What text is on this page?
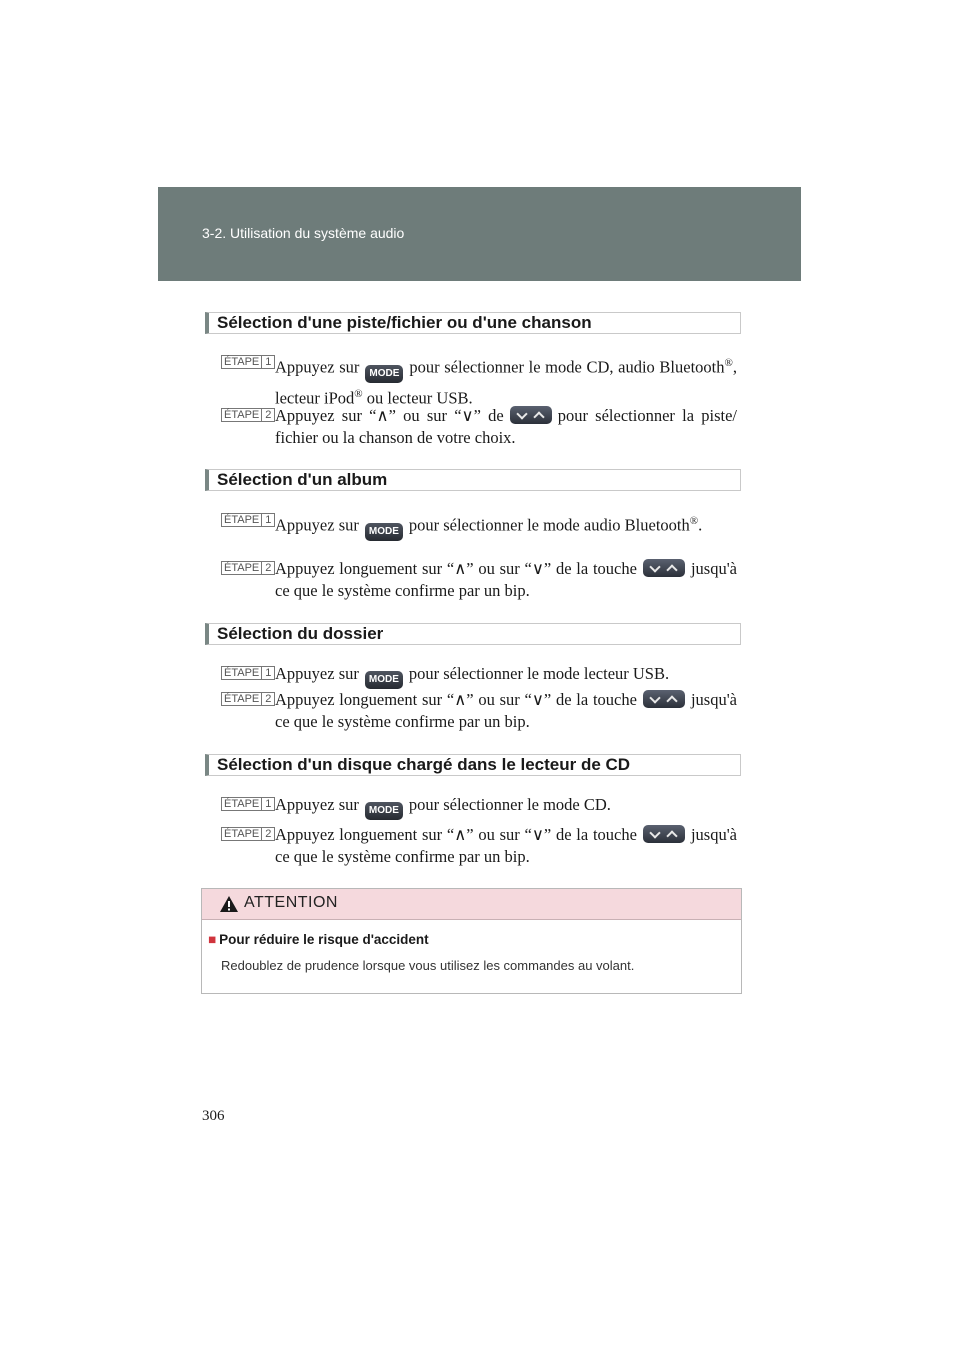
3-2. Utilisation du système audio
Sélection d'une piste/fichier ou d'une chanson
ÉTAPE 1 Appuyez sur MODE pour sélectionner le mode CD, audio Bluetooth®, lecteur iPod® ou lecteur USB.
ÉTAPE 2 Appuyez sur “∧” ou sur “∨” de	pour sélectionner la piste/ fichier ou la chanson de votre choix.
Sélection d'un album
ÉTAPE 1 Appuyez sur MODE pour sélectionner le mode audio Bluetooth®.
ÉTAPE 2 Appuyez longuement sur “∧” ou sur “∨” de la touche	jusqu'à ce que le système confirme par un bip.
Sélection du dossier
ÉTAPE 1 Appuyez sur MODE pour sélectionner le mode lecteur USB.
ÉTAPE 2 Appuyez longuement sur “∧” ou sur “∨” de la touche	jusqu'à ce que le système confirme par un bip.
Sélection d'un disque chargé dans le lecteur de CD
ÉTAPE 1 Appuyez sur MODE pour sélectionner le mode CD.
ÉTAPE 2 Appuyez longuement sur “∧” ou sur “∨” de la touche	jusqu'à ce que le système confirme par un bip.
ATTENTION
■ Pour réduire le risque d'accident
Redoublez de prudence lorsque vous utilisez les commandes au volant.
306
